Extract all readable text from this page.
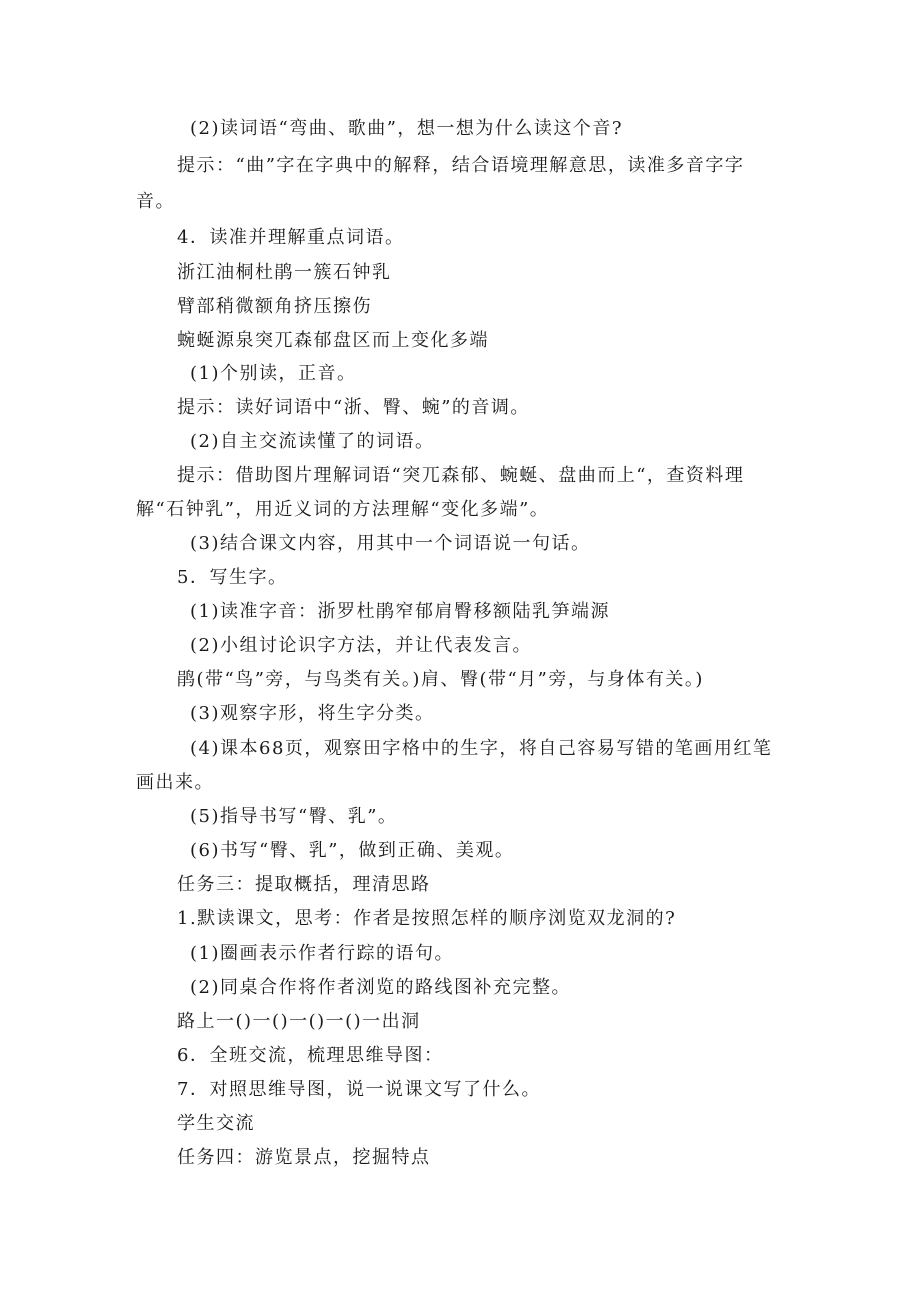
(2)读词语“弯曲、歌曲”，想一想为什么读这个音?
提示：“曲”字在字典中的解释，结合语境理解意思，读准多音字字
音。
4．读准并理解重点词语。
浙江油桐杜鹃一簇石钟乳
臂部稍微额角挤压擦伤
蜿蜒源泉突兀森郁盘区而上变化多端
(1)个别读，正音。
提示：读好词语中“浙、臀、蜿”的音调。
(2)自主交流读懂了的词语。
提示：借助图片理解词语“突兀森郁、蜿蜒、盘曲而上“，查资料理
解“石钟乳”，用近义词的方法理解“变化多端”。
(3)结合课文内容，用其中一个词语说一句话。
5．写生字。
(1)读准字音：浙罗杜鹃窄郁肩臀移额陆乳笋端源
(2)小组讨论识字方法，并让代表发言。
鹃(带“鸟”旁，与鸟类有关。)肩、臀(带“月”旁，与身体有关。)
(3)观察字形，将生字分类。
(4)课本68页，观察田字格中的生字，将自己容易写错的笔画用红笔
画出来。
(5)指导书写“臀、乳”。
(6)书写“臀、乳”，做到正确、美观。
任务三：提取概括，理清思路
1.默读课文，思考：作者是按照怎样的顺序浏览双龙洞的?
(1)圈画表示作者行踪的语句。
(2)同桌合作将作者浏览的路线图补充完整。
路上一()一()一()一()一出洞
6．全班交流，梳理思维导图：
7．对照思维导图，说一说课文写了什么。
学生交流
任务四：游览景点，挖掘特点
